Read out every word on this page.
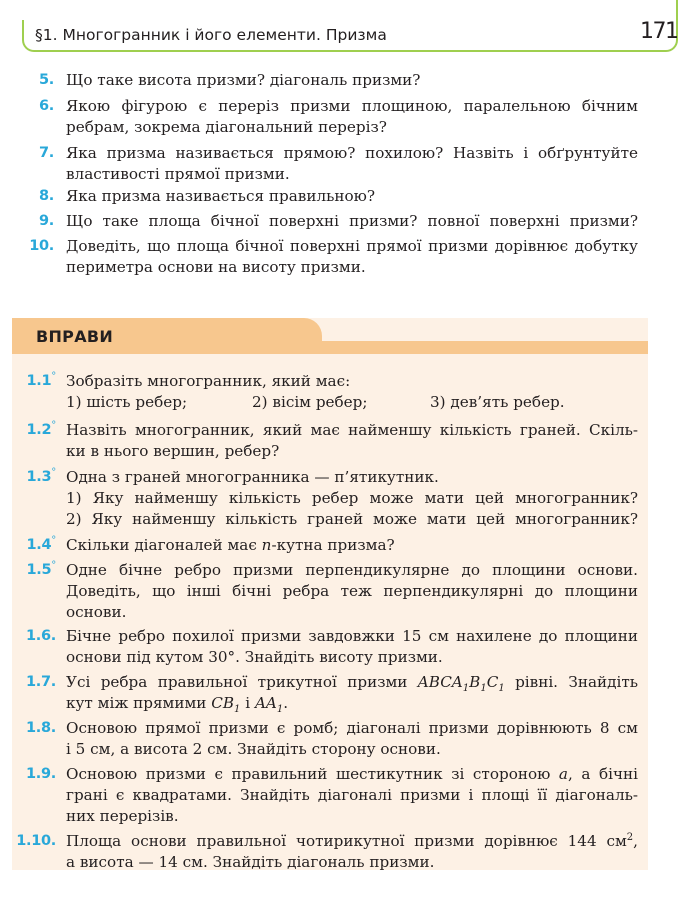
§1. Многогранник і його елементи. Призма	171
5. Що таке висота призми? діагональ призми?

6. Якою фігурою є переріз призми площиною, паралельною бічним

ребрам, зокрема діагональний переріз?

7. Яка призма називається прямою? похилою? Назвіть і обґрунтуйте

властивості прямої призми.

8. Яка призма називається правильною?

9. Що таке площа бічної поверхні призми? повної поверхні призми?

10. Доведіть, що площа бічної поверхні прямої призми дорівнює добутку

периметра основи на висоту призми.

ВПРАВИ
1.1° Зобразіть многогранник, який має:

1) шість ребер;	2) вісім ребер;	3) дев’ять ребер.

1.2° Назвіть многогранник, який має найменшу кількість граней. Скіль-

ки в нього вершин, ребер?

1.3° Одна з граней многогранника — п’ятикутник.

1) Яку найменшу кількість ребер може мати цей многогранник?

2) Яку найменшу кількість граней може мати цей многогранник?

1.4° Скільки діагоналей має n-кутна призма?

1.5° Одне бічне ребро призми перпендикулярне до площини основи.

Доведіть, що інші бічні ребра теж перпендикулярні до площини

основи.

1.6. Бічне ребро похилої призми завдовжки 15 см нахилене до площини

основи під кутом 30°. Знайдіть висоту призми.

1.7. Усі ребра правильної трикутної призми $ABCA_1B_1C_1$ рівні. Знайдіть

кут між прямими $CB_1$ і $AA_1$.

1.8. Основою прямої призми є ромб; діагоналі призми дорівнюють 8 см

і 5 см, а висота 2 см. Знайдіть сторону основи.

1.9. Основою призми є правильний шестикутник зі стороною a, а бічні

грані є квадратами. Знайдіть діагоналі призми і площі її діагональ-

них перерізів.

1.10. Площа основи правильної чотирикутної призми дорівнює 144 $см^2$,

а висота — 14 см. Знайдіть діагональ призми.
